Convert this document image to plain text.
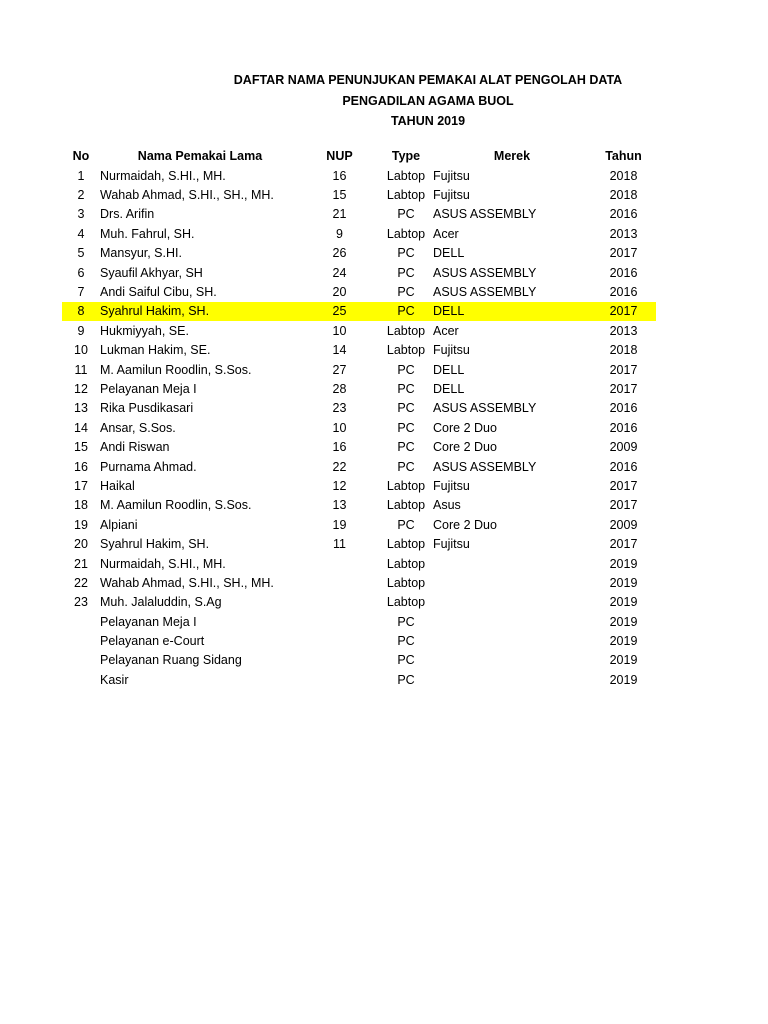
DAFTAR NAMA PENUNJUKAN PEMAKAI ALAT PENGOLAH DATA
PENGADILAN AGAMA BUOL
TAHUN 2019
No	Nama Pemakai Lama	NUP	Type	Merek	Tahun
1	Nurmaidah, S.HI., MH.	16	Labtop	Fujitsu	2018
2	Wahab Ahmad, S.HI., SH., MH.	15	Labtop	Fujitsu	2018
3	Drs. Arifin	21	PC	ASUS ASSEMBLY	2016
4	Muh. Fahrul, SH.	9	Labtop	Acer	2013
5	Mansyur, S.HI.	26	PC	DELL	2017
6	Syaufil Akhyar, SH	24	PC	ASUS ASSEMBLY	2016
7	Andi Saiful Cibu, SH.	20	PC	ASUS ASSEMBLY	2016
8	Syahrul Hakim, SH.	25	PC	DELL	2017
9	Hukmiyyah, SE.	10	Labtop	Acer	2013
10	Lukman Hakim, SE.	14	Labtop	Fujitsu	2018
11	M. Aamilun Roodlin, S.Sos.	27	PC	DELL	2017
12	Pelayanan Meja I	28	PC	DELL	2017
13	Rika Pusdikasari	23	PC	ASUS ASSEMBLY	2016
14	Ansar, S.Sos.	10	PC	Core 2 Duo	2016
15	Andi Riswan	16	PC	Core 2 Duo	2009
16	Purnama Ahmad.	22	PC	ASUS ASSEMBLY	2016
17	Haikal	12	Labtop	Fujitsu	2017
18	M. Aamilun Roodlin, S.Sos.	13	Labtop	Asus	2017
19	Alpiani	19	PC	Core 2 Duo	2009
20	Syahrul Hakim, SH.	11	Labtop	Fujitsu	2017
21	Nurmaidah, S.HI., MH.		Labtop		2019
22	Wahab Ahmad, S.HI., SH., MH.		Labtop		2019
23	Muh. Jalaluddin, S.Ag		Labtop		2019
	Pelayanan Meja I		PC		2019
	Pelayanan e-Court		PC		2019
	Pelayanan Ruang Sidang		PC		2019
	Kasir		PC		2019
